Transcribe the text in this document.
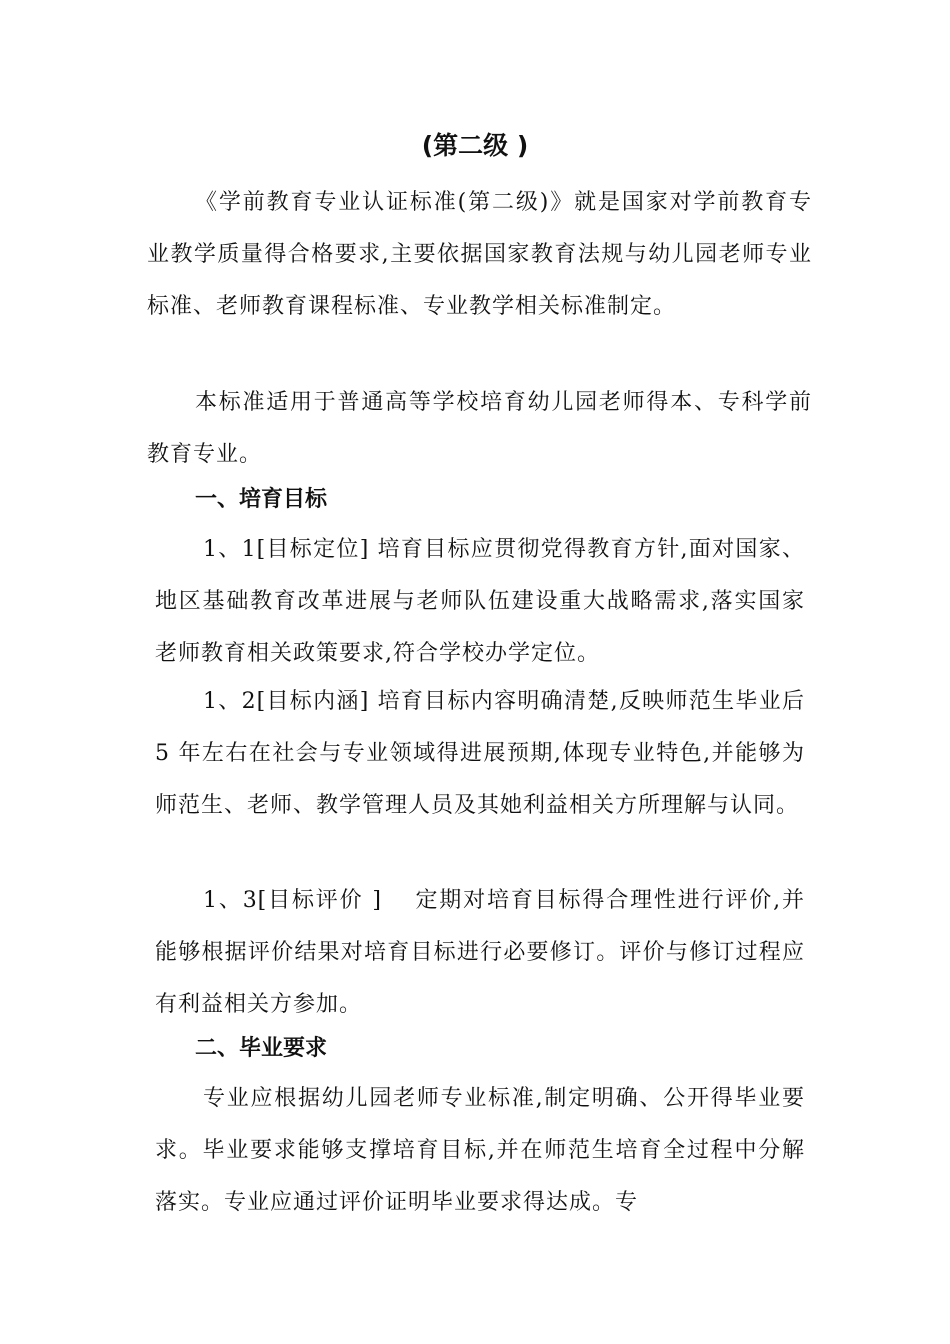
(第二级 )
《学前教育专业认证标准(第二级)》就是国家对学前教育专业教学质量得合格要求,主要依据国家教育法规与幼儿园老师专业标准、老师教育课程标准、专业教学相关标准制定。
本标准适用于普通高等学校培育幼儿园老师得本、专科学前教育专业。
一、培育目标
1、1[目标定位] 培育目标应贯彻党得教育方针,面对国家、地区基础教育改革进展与老师队伍建设重大战略需求,落实国家老师教育相关政策要求,符合学校办学定位。
1、2[目标内涵] 培育目标内容明确清楚,反映师范生毕业后 5 年左右在社会与专业领域得进展预期,体现专业特色,并能够为师范生、老师、教学管理人员及其她利益相关方所理解与认同。
1、3[目标评价 ]　 定期对培育目标得合理性进行评价,并能够根据评价结果对培育目标进行必要修订。评价与修订过程应有利益相关方参加。
二、毕业要求
专业应根据幼儿园老师专业标准,制定明确、公开得毕业要求。毕业要求能够支撑培育目标,并在师范生培育全过程中分解落实。专业应通过评价证明毕业要求得达成。专
